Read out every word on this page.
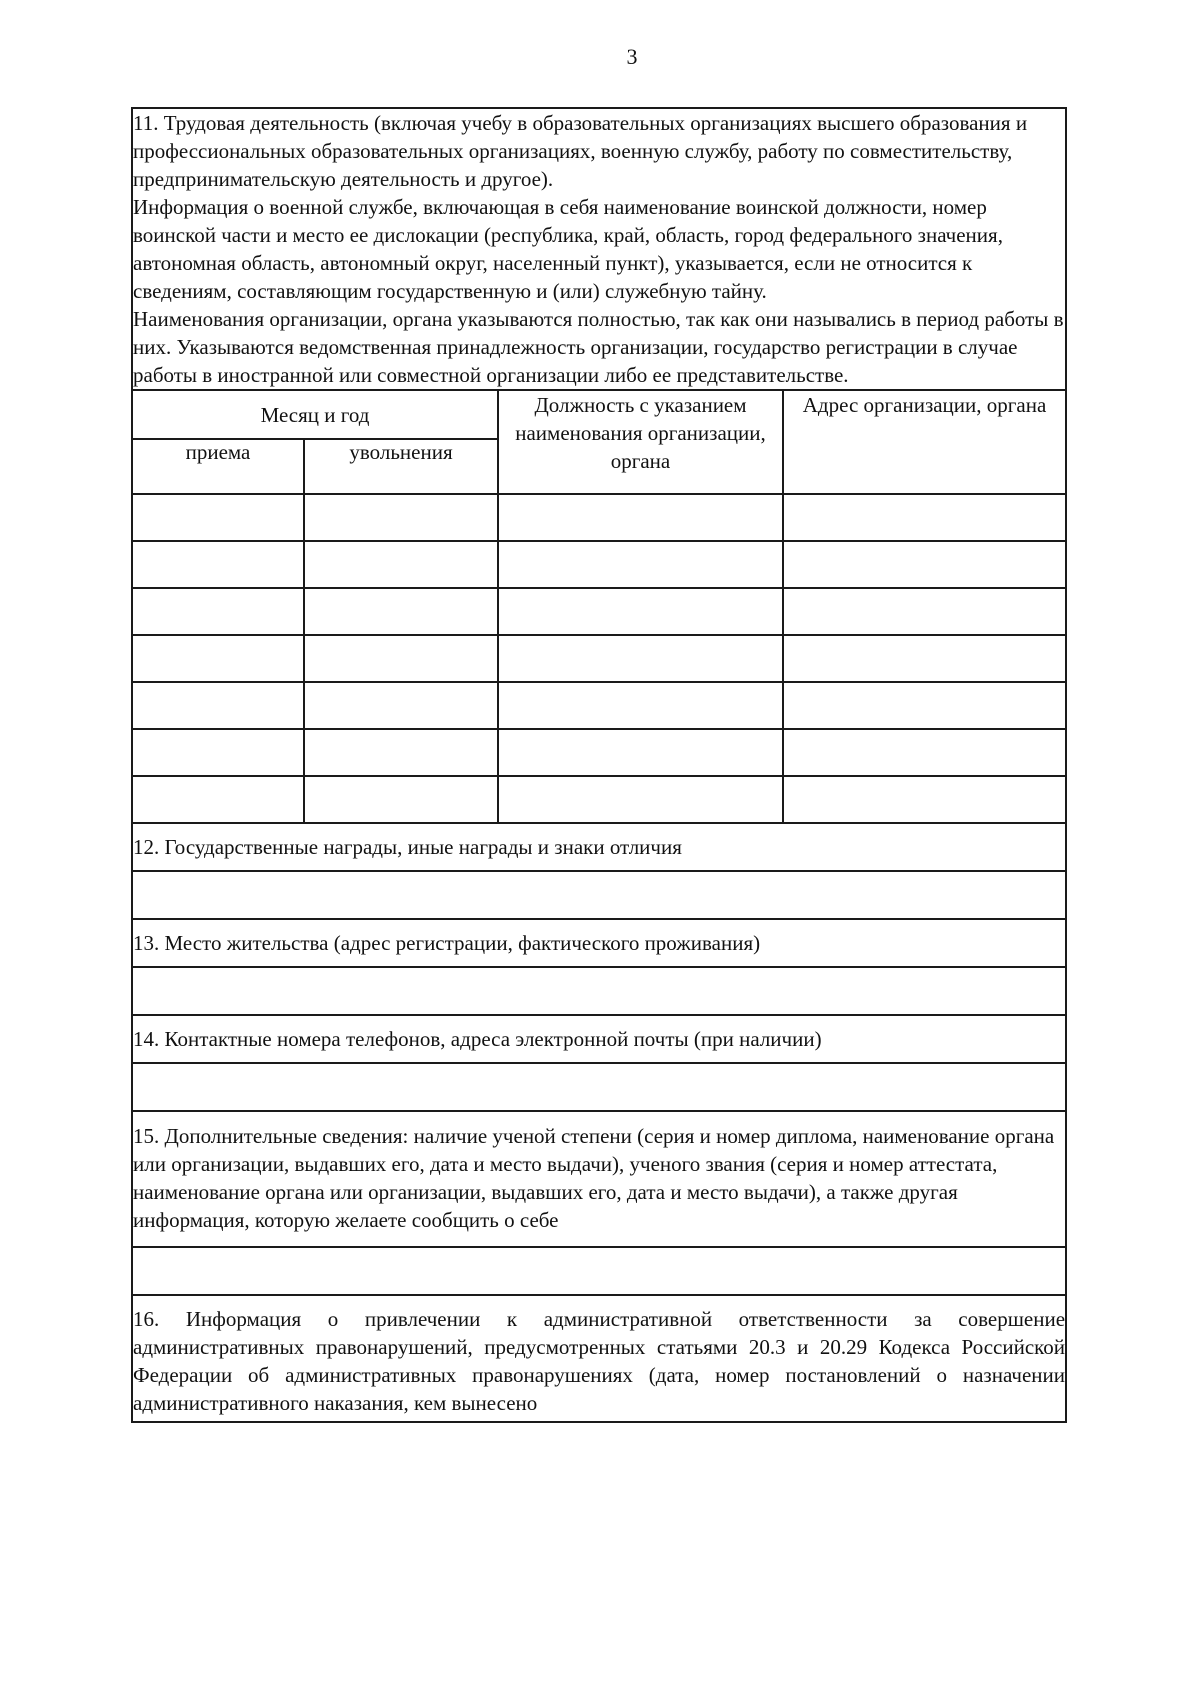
3

11. Трудовая деятельность (включая учебу в образовательных организациях высшего образования и профессиональных образовательных организациях, военную службу, работу по совместительству, предпринимательскую деятельность и другое).

Информация о военной службе, включающая в себя наименование воинской должности, номер воинской части и место ее дислокации (республика, край, область, город федерального значения, автономная область, автономный округ, населенный пункт), указывается, если не относится к сведениям, составляющим государственную и (или) служебную тайну.

Наименования организации, органа указываются полностью, так как они назывались в период работы в них. Указываются ведомственная принадлежность организации, государство регистрации в случае работы в иностранной или совместной организации либо ее представительстве.			

Месяц и год		Должность с указанием наименования организации, органа	Адрес организации, органа
приема	увольнения		

12. Государственные награды, иные награды и знаки отличия			

13. Место жительства (адрес регистрации, фактического проживания)			

14. Контактные номера телефонов, адреса электронной почты (при наличии)			

15. Дополнительные сведения: наличие ученой степени (серия и номер диплома, наименование органа или организации, выдавших его, дата и место выдачи), ученого звания (серия и номер аттестата, наименование органа или организации, выдавших его, дата и место выдачи), а также другая информация, которую желаете сообщить о себе			

16. Информация о привлечении к административной ответственности за совершение административных правонарушений, предусмотренных статьями 20.3 и 20.29 Кодекса Российской Федерации об административных правонарушениях (дата, номер постановлений о назначении административного наказания, кем вынесено			
